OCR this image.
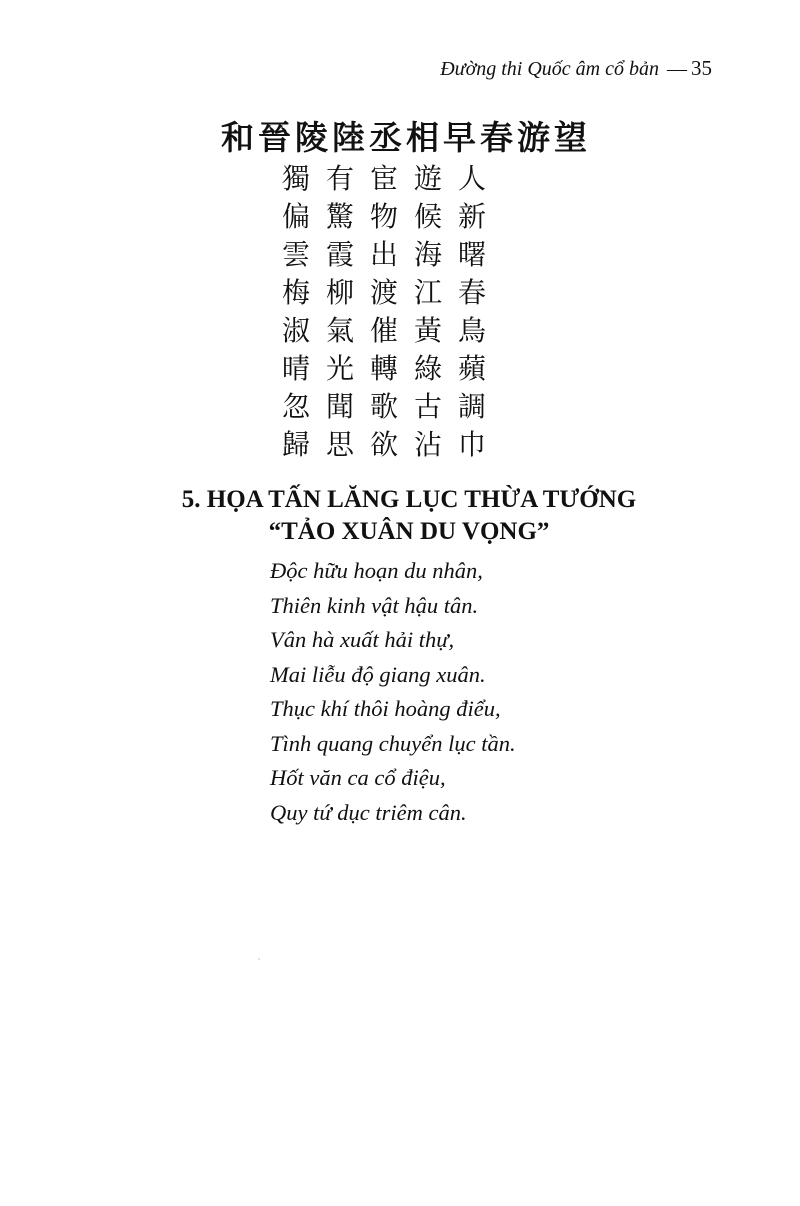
Đường thi Quốc âm cổ bản — 35
和晉陵陸丞相早春游望
獨有宦遊人
偏驚物候新
雲霞出海曙
梅柳渡江春
淑氣催黃鳥
晴光轉綠蘋
忽聞歌古調
歸思欲沾巾
5. HỌA TẤN LĂNG LỤC THỪA TƯỚNG
“TẢO XUÂN DU VỌNG”
Độc hữu hoạn du nhân,
Thiên kinh vật hậu tân.
Vân hà xuất hải thự,
Mai liễu độ giang xuân.
Thục khí thôi hoàng điểu,
Tình quang chuyển lục tần.
Hốt văn ca cổ điệu,
Quy tứ dục triêm cân.
